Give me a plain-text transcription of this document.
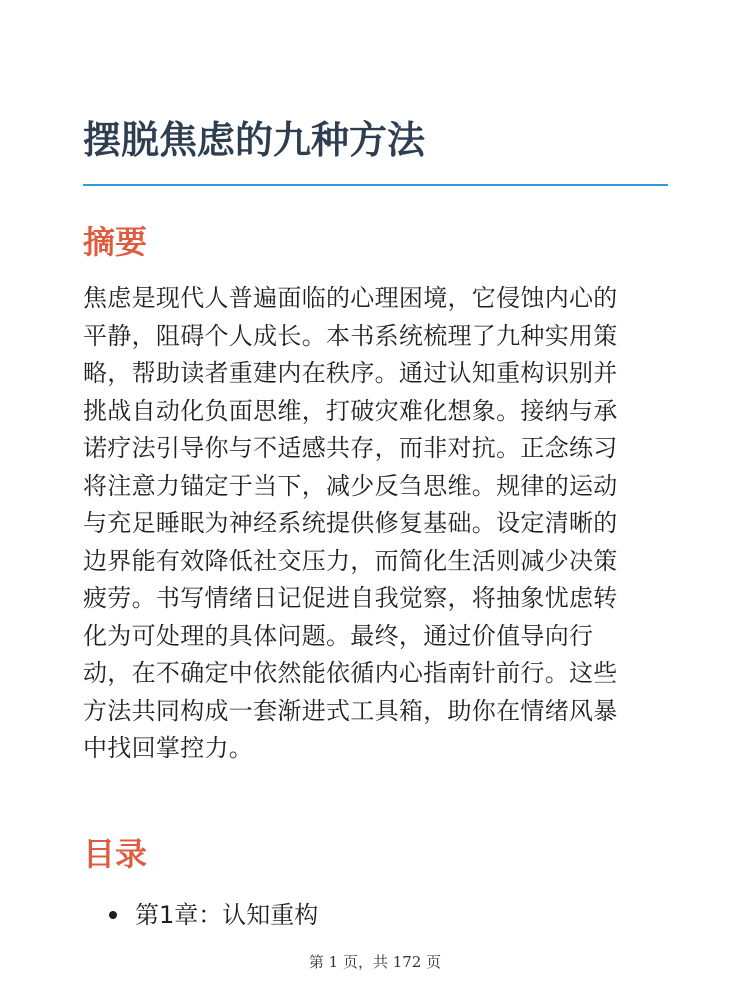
摆脱焦虑的九种方法
摘要
焦虑是现代人普遍面临的心理困境，它侵蚀内心的
平静，阻碍个人成长。本书系统梳理了九种实用策
略，帮助读者重建内在秩序。通过认知重构识别并
挑战自动化负面思维，打破灾难化想象。接纳与承
诺疗法引导你与不适感共存，而非对抗。正念练习
将注意力锚定于当下，减少反刍思维。规律的运动
与充足睡眠为神经系统提供修复基础。设定清晰的
边界能有效降低社交压力，而简化生活则减少决策
疲劳。书写情绪日记促进自我觉察，将抽象忧虑转
化为可处理的具体问题。最终，通过价值导向行
动，在不确定中依然能依循内心指南针前行。这些
方法共同构成一套渐进式工具箱，助你在情绪风暴
中找回掌控力。
目录
第1章：认知重构
第 1 页，共 172 页
